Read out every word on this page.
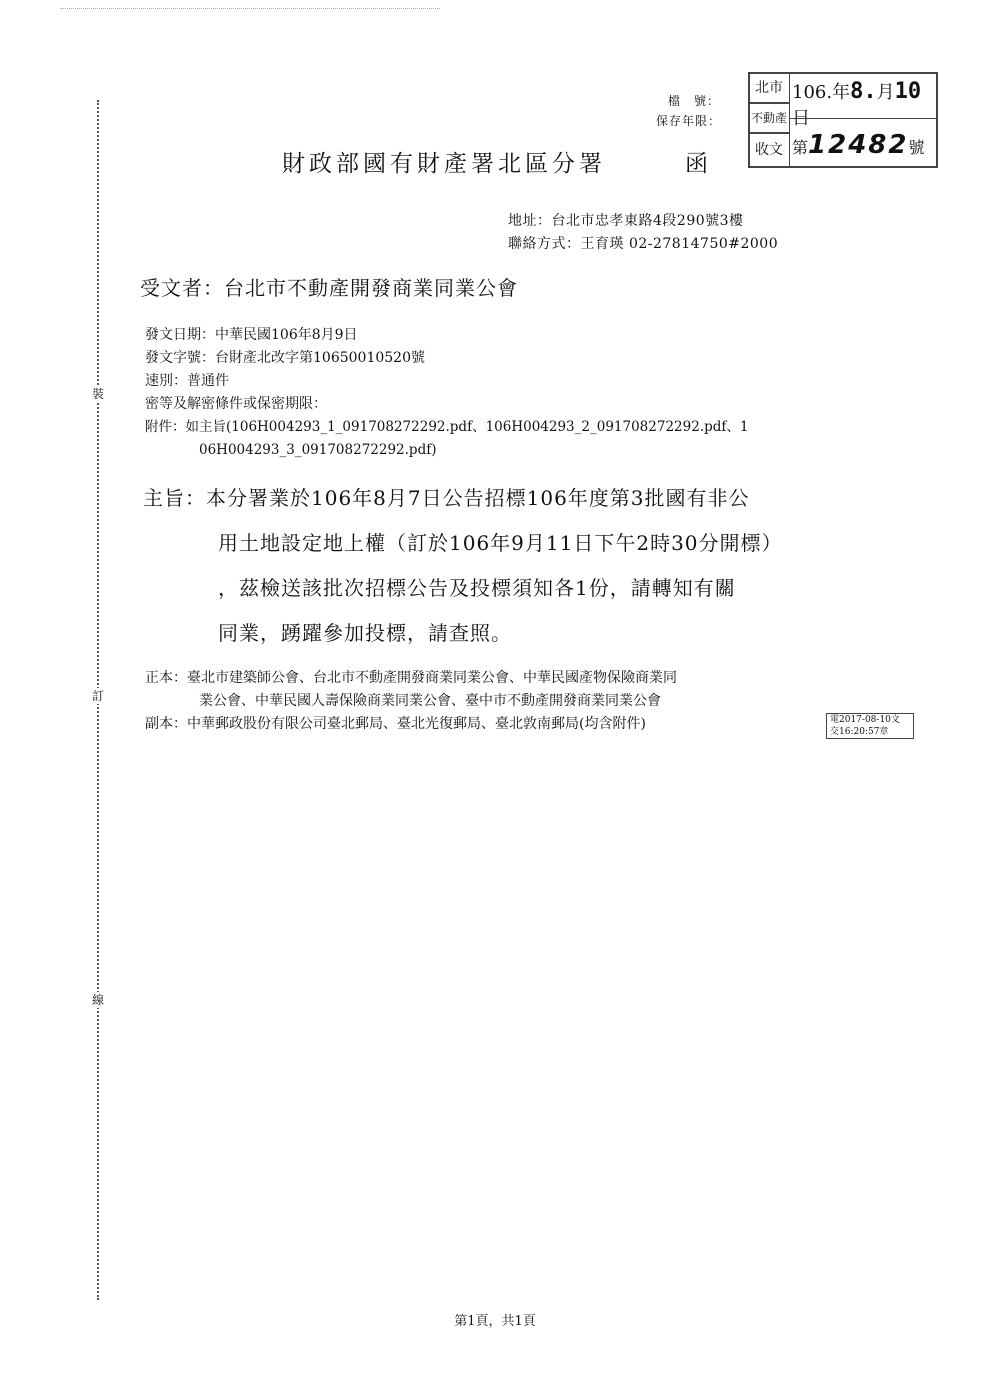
裝
訂
線
檔　號：
保存年限：
北市
不動產
收文
106.年8.月10日
第12482號
財政部國有財產署北區分署	函
地址：台北市忠孝東路4段290號3樓
聯絡方式：王育瑛 02-27814750#2000
受文者：台北市不動產開發商業同業公會
發文日期：中華民國106年8月9日
發文字號：台財產北改字第10650010520號
速別：普通件
密等及解密條件或保密期限：
附件：如主旨(106H004293_1_091708272292.pdf、106H004293_2_091708272292.pdf、1
06H004293_3_091708272292.pdf)
主旨：本分署業於106年8月7日公告招標106年度第3批國有非公
用土地設定地上權（訂於106年9月11日下午2時30分開標）
，茲檢送該批次招標公告及投標須知各1份，請轉知有關
同業，踴躍參加投標，請查照。
正本：臺北市建築師公會、台北市不動產開發商業同業公會、中華民國產物保險商業同
業公會、中華民國人壽保險商業同業公會、臺中市不動產開發商業同業公會
副本：中華郵政股份有限公司臺北郵局、臺北光復郵局、臺北敦南郵局(均含附件)	電2017-08-10文
交16:20:57章
第1頁，共1頁
